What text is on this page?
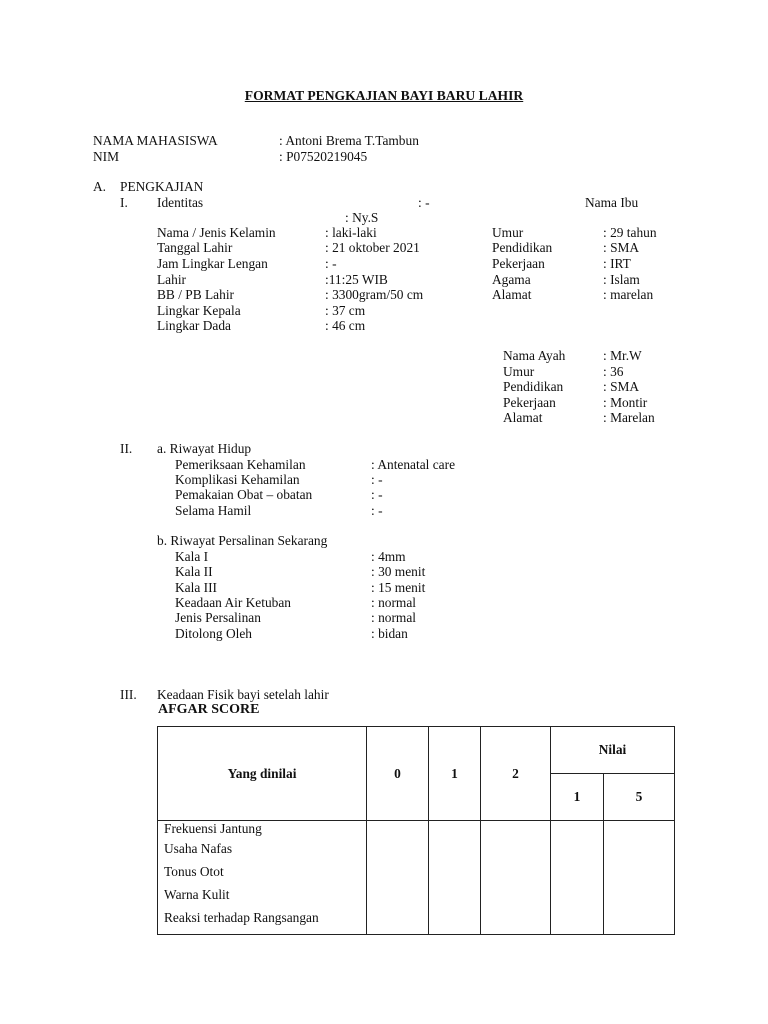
FORMAT PENGKAJIAN BAYI BARU LAHIR
NAMA MAHASISWA	: Antoni Brema T.Tambun
NIM	: P07520219045
A. PENGKAJIAN
I. Identitas	: -	Nama Ibu
: Ny.S
Nama / Jenis Kelamin	: laki-laki
Tanggal Lahir	: 21 oktober 2021
Jam Lingkar Lengan	: -
Lahir	:11:25 WIB
BB / PB Lahir	: 3300gram/50 cm
Lingkar Kepala	: 37 cm
Lingkar Dada	: 46 cm
Umur	: 29 tahun
Pendidikan	: SMA
Pekerjaan	: IRT
Agama	: Islam
Alamat	: marelan
Nama Ayah	: Mr.W
Umur	: 36
Pendidikan	: SMA
Pekerjaan	: Montir
Alamat	: Marelan
II. a. Riwayat Hidup
Pemeriksaan Kehamilan	: Antenatal care
Komplikasi Kehamilan	: -
Pemakaian Obat – obatan	: -
Selama Hamil	: -
b. Riwayat Persalinan Sekarang
Kala I	: 4mm
Kala II	: 30 menit
Kala III	: 15 menit
Keadaan Air Ketuban	: normal
Jenis Persalinan	: normal
Ditolong Oleh	: bidan
III. Keadaan Fisik bayi setelah lahir
AFGAR SCORE
Yang dinilai	0	1	2	Nilai	
				1	5

Frekuensi Jantung
Usaha Nafas
Tonus Otot
Warna Kulit
Reaksi terhadap Rangsangan					
